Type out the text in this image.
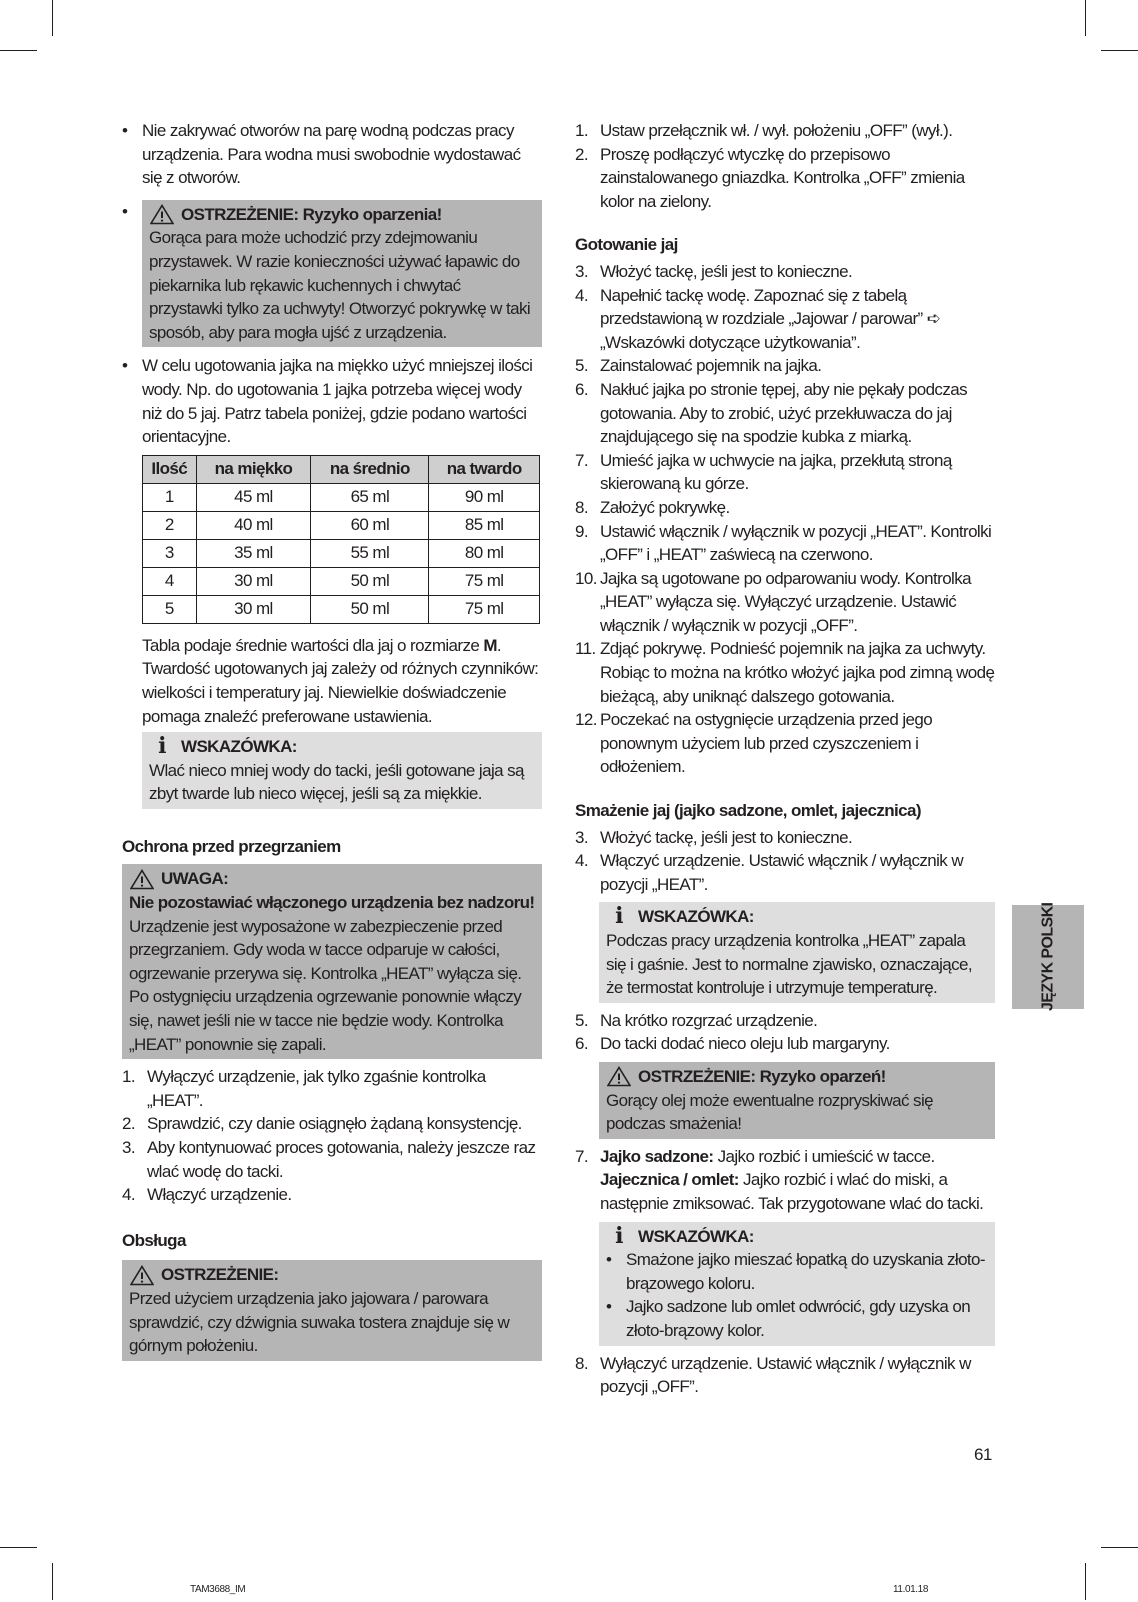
• Nie zakrywać otworów na parę wodną podczas pracy urządzenia. Para wodna musi swobodnie wydostawać się z otworów.
•	OSTRZEŻENIE: Ryzyko oparzenia!
Gorąca para może uchodzić przy zdejmowaniu przystawek. W razie konieczności używać łapawic do piekarnika lub rękawic kuchennych i chwytać przystawki tylko za uchwyty! Otworzyć pokrywkę w taki sposób, aby para mogła ujść z urządzenia.
• W celu ugotowania jajka na miękko użyć mniejszej ilości wody. Np. do ugotowania 1 jajka potrzeba więcej wody niż do 5 jaj. Patrz tabela poniżej, gdzie podano wartości orientacyjne.
Ilość	na miękko	na średnio	na twardo
1	45 ml	65 ml	90 ml
2	40 ml	60 ml	85 ml
3	35 ml	55 ml	80 ml
4	30 ml	50 ml	75 ml
5	30 ml	50 ml	75 ml
Tabla podaje średnie wartości dla jaj o rozmiarze M. Twardość ugotowanych jaj zależy od różnych czynników: wielkości i temperatury jaj. Niewielkie doświadczenie pomaga znaleźć preferowane ustawienia.
i WSKAZÓWKA:
Wlać nieco mniej wody do tacki, jeśli gotowane jaja są zbyt twarde lub nieco więcej, jeśli są za miękkie.
Ochrona przed przegrzaniem
UWAGA:
Nie pozostawiać włączonego urządzenia bez nadzoru!
Urządzenie jest wyposażone w zabezpieczenie przed przegrzaniem. Gdy woda w tacce odparuje w całości, ogrzewanie przerywa się. Kontrolka „HEAT” wyłącza się. Po ostygnięciu urządzenia ogrzewanie ponownie włączy się, nawet jeśli nie w tacce nie będzie wody. Kontrolka „HEAT” ponownie się zapali.
1. Wyłączyć urządzenie, jak tylko zgaśnie kontrolka „HEAT”.
2. Sprawdzić, czy danie osiągnęło żądaną konsystencję.
3. Aby kontynuować proces gotowania, należy jeszcze raz wlać wodę do tacki.
4. Włączyć urządzenie.
Obsługa
OSTRZEŻENIE:
Przed użyciem urządzenia jako jajowara / parowara sprawdzić, czy dźwignia suwaka tostera znajduje się w górnym położeniu.
1. Ustaw przełącznik wł. / wył. położeniu „OFF” (wył.).
2. Proszę podłączyć wtyczkę do przepisowo zainstalowanego gniazdka. Kontrolka „OFF” zmienia kolor na zielony.
Gotowanie jaj
3. Włożyć tackę, jeśli jest to konieczne.
4. Napełnić tackę wodę. Zapoznać się z tabelą przedstawioną w rozdziale „Jajowar / parowar” ➪ „Wskazówki dotyczące użytkowania”.
5. Zainstalować pojemnik na jajka.
6. Nakłuć jajka po stronie tępej, aby nie pękały podczas gotowania. Aby to zrobić, użyć przekłuwacza do jaj znajdującego się na spodzie kubka z miarką.
7. Umieść jajka w uchwycie na jajka, przekłutą stroną skierowaną ku górze.
8. Założyć pokrywkę.
9. Ustawić włącznik / wyłącznik w pozycji „HEAT”. Kontrolki „OFF” i „HEAT” zaświecą na czerwono.
10. Jajka są ugotowane po odparowaniu wody. Kontrolka „HEAT” wyłącza się. Wyłączyć urządzenie. Ustawić włącznik / wyłącznik w pozycji „OFF”.
11. Zdjąć pokrywę. Podnieść pojemnik na jajka za uchwyty. Robiąc to można na krótko włożyć jajka pod zimną wodę bieżącą, aby uniknąć dalszego gotowania.
12. Poczekać na ostygnięcie urządzenia przed jego ponownym użyciem lub przed czyszczeniem i odłożeniem.
Smażenie jaj (jajko sadzone, omlet, jajecznica)
3. Włożyć tackę, jeśli jest to konieczne.
4. Włączyć urządzenie. Ustawić włącznik / wyłącznik w pozycji „HEAT”.
i WSKAZÓWKA:
Podczas pracy urządzenia kontrolka „HEAT” zapala się i gaśnie. Jest to normalne zjawisko, oznaczające, że termostat kontroluje i utrzymuje temperaturę.
5. Na krótko rozgrzać urządzenie.
6. Do tacki dodać nieco oleju lub margaryny.
OSTRZEŻENIE: Ryzyko oparzeń!
Gorący olej może ewentualne rozpryskiwać się podczas smażenia!
7. Jajko sadzone: Jajko rozbić i umieścić w tacce.
Jajecznica / omlet: Jajko rozbić i wlać do miski, a następnie zmiksować. Tak przygotowane wlać do tacki.
i WSKAZÓWKA:
• Smażone jajko mieszać łopatką do uzyskania złoto-brązowego koloru.
• Jajko sadzone lub omlet odwrócić, gdy uzyska on złoto-brązowy kolor.
8. Wyłączyć urządzenie. Ustawić włącznik / wyłącznik w pozycji „OFF”.
JĘZYK POLSKI
61
TAM3688_IM	11.01.18
